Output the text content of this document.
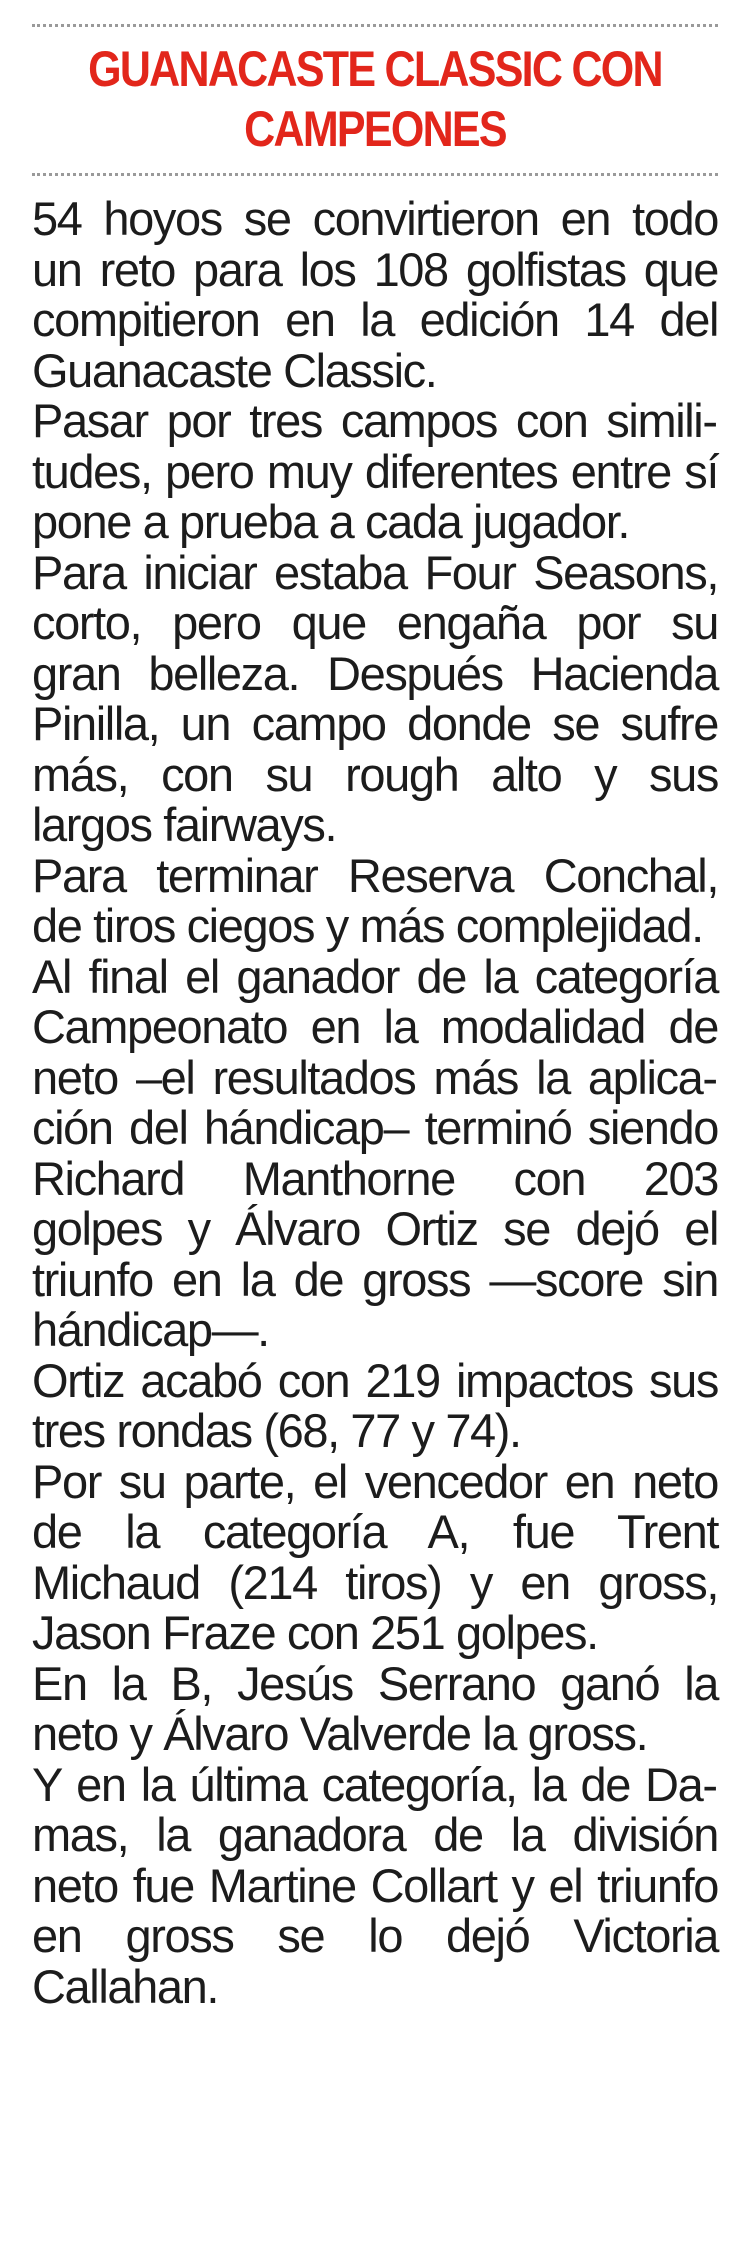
GUANACASTE CLASSIC CON CAMPEONES

54 hoyos se convirtieron en todo un reto para los 108 golfistas que compitieron en la edición 14 del Guanacaste Classic.

Pasar por tres campos con similitudes, pero muy diferentes entre sí pone a prueba a cada jugador.

Para iniciar estaba Four Seasons, corto, pero que engaña por su gran belleza. Después Hacienda Pinilla, un campo donde se sufre más, con su rough alto y sus largos fairways.

Para terminar Reserva Conchal, de tiros ciegos y más complejidad.

Al final el ganador de la categoría Campeonato en la modalidad de neto –el resultados más la aplicación del hándicap– terminó siendo Richard Manthorne con 203 golpes y Álvaro Ortiz se dejó el triunfo en la de gross —score sin hándicap—.

Ortiz acabó con 219 impactos sus tres rondas (68, 77 y 74).

Por su parte, el vencedor en neto de la categoría A, fue Trent Michaud (214 tiros) y en gross, Jason Fraze con 251 golpes.

En la B, Jesús Serrano ganó la neto y Álvaro Valverde la gross.

Y en la última categoría, la de Damas, la ganadora de la división neto fue Martine Collart y el triunfo en gross se lo dejó Victoria Callahan.
